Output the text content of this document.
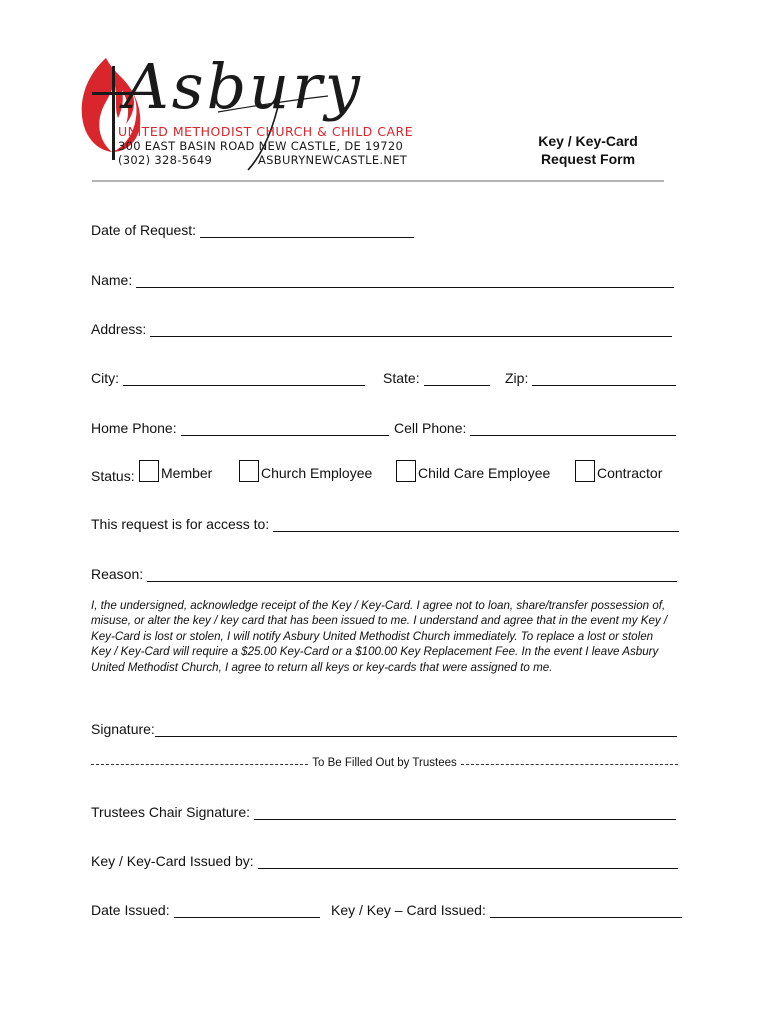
Asbury
UNITED METHODIST CHURCH & CHILD CARE
300 EAST BASIN ROAD NEW CASTLE, DE 19720
(302) 328-5649	ASBURYNEWCASTLE.NET
Key / Key-Card
Request Form
Date of Request:
Name:
Address:
City:	State:	Zip:
Home Phone:	Cell Phone:
Status: Member	Church Employee	Child Care Employee	Contractor
This request is for access to:
Reason:
I, the undersigned, acknowledge receipt of the Key / Key-Card. I agree not to loan, share/transfer possession of, misuse, or alter the key / key card that has been issued to me. I understand and agree that in the event my Key / Key-Card is lost or stolen, I will notify Asbury United Methodist Church immediately. To replace a lost or stolen Key / Key-Card will require a $25.00 Key-Card or a $100.00 Key Replacement Fee. In the event I leave Asbury United Methodist Church, I agree to return all keys or key-cards that were assigned to me.
Signature:
To Be Filled Out by Trustees
Trustees Chair Signature:
Key / Key-Card Issued by:
Date Issued:	Key / Key – Card Issued:
